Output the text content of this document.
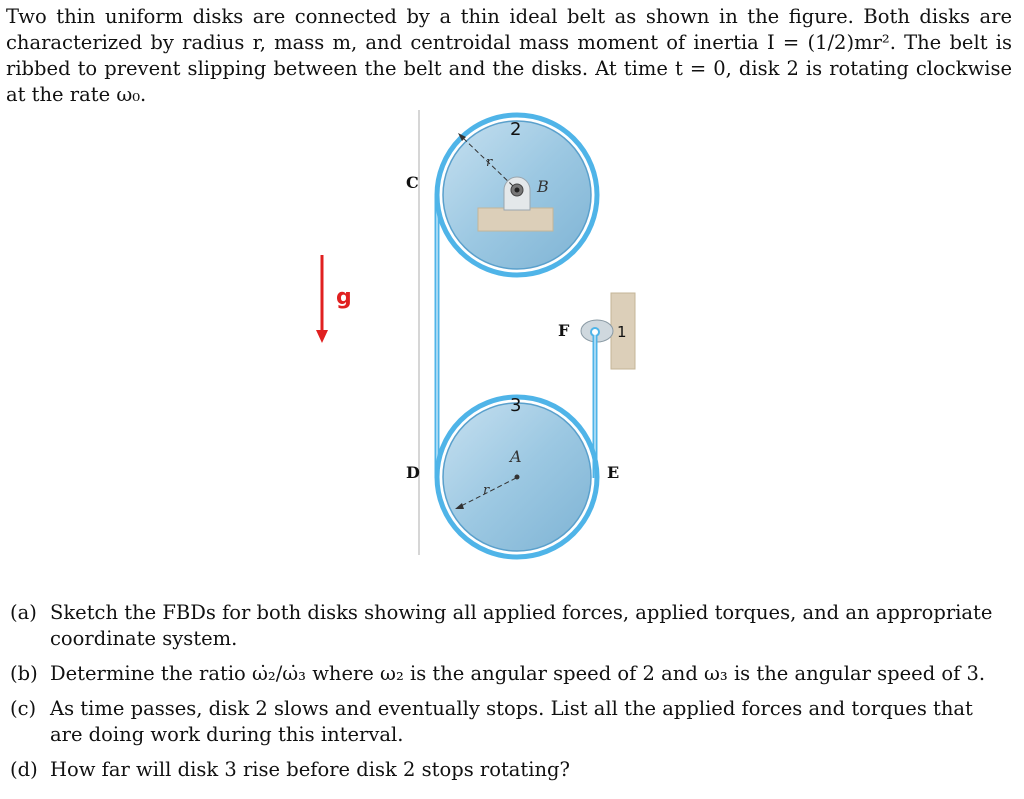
Two thin uniform disks are connected by a thin ideal belt as shown in the figure. Both disks are characterized by radius r, mass m, and centroidal mass moment of inertia I = (1/2)mr². The belt is ribbed to prevent slipping between the belt and the disks. At time t = 0, disk 2 is rotating clockwise at the rate ω₀.

g
2
r
B
3
A
r
C
D	E
F	1
(a) Sketch the FBDs for both disks showing all applied forces, applied torques, and an appropriate coordinate system.
(b) Determine the ratio ω̇₂/ω̇₃ where ω₂ is the angular speed of 2 and ω₃ is the angular speed of 3.
(c) As time passes, disk 2 slows and eventually stops. List all the applied forces and torques that are doing work during this interval.
(d) How far will disk 3 rise before disk 2 stops rotating?
